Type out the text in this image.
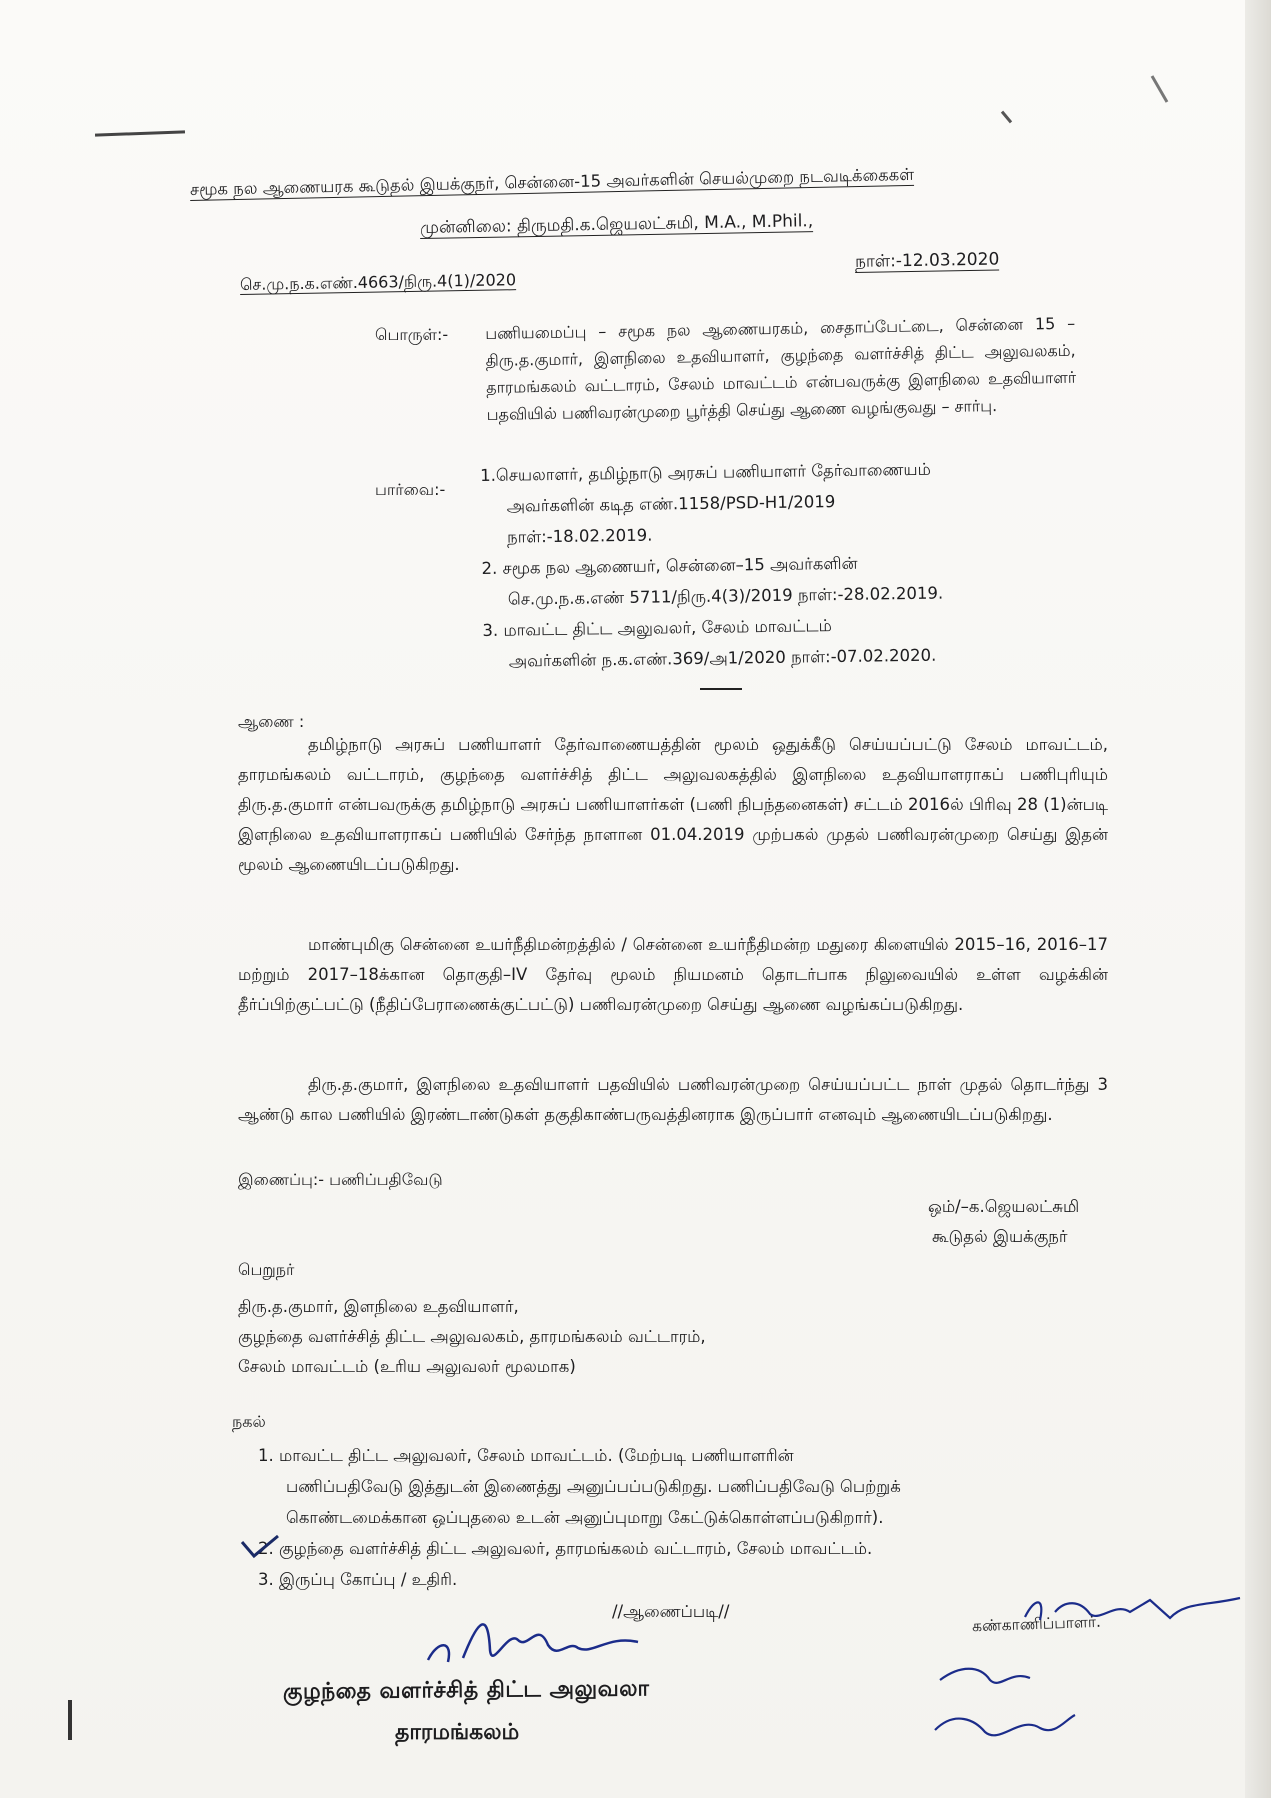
சமூக நல ஆணையரக கூடுதல் இயக்குநர், சென்னை-15 அவர்களின் செயல்முறை நடவடிக்கைகள்
முன்னிலை: திருமதி.க.ஜெயலட்சுமி, M.A., M.Phil.,
செ.மு.ந.க.எண்.4663/நிரு.4(1)/2020
நாள்:-12.03.2020
பொருள்:- பணியமைப்பு – சமூக நல ஆணையரகம், சைதாப்பேட்டை, சென்னை 15 – திரு.த.குமார், இளநிலை உதவியாளர், குழந்தை வளர்ச்சித் திட்ட அலுவலகம், தாரமங்கலம் வட்டாரம், சேலம் மாவட்டம் என்பவருக்கு இளநிலை உதவியாளர் பதவியில் பணிவரன்முறை பூர்த்தி செய்து ஆணை வழங்குவது – சார்பு.
பார்வை:-
1.செயலாளர், தமிழ்நாடு அரசுப் பணியாளர் தேர்வாணையம்
அவர்களின் கடித எண்.1158/PSD-H1/2019
நாள்:-18.02.2019.
2. சமூக நல ஆணையர், சென்னை–15 அவர்களின்
செ.மு.ந.க.எண் 5711/நிரு.4(3)/2019 நாள்:-28.02.2019.
3. மாவட்ட திட்ட அலுவலர், சேலம் மாவட்டம்
அவர்களின் ந.க.எண்.369/அ1/2020 நாள்:-07.02.2020.
ஆணை :
தமிழ்நாடு அரசுப் பணியாளர் தேர்வாணையத்தின் மூலம் ஒதுக்கீடு செய்யப்பட்டு சேலம் மாவட்டம், தாரமங்கலம் வட்டாரம், குழந்தை வளர்ச்சித் திட்ட அலுவலகத்தில் இளநிலை உதவியாளராகப் பணிபுரியும் திரு.த.குமார் என்பவருக்கு தமிழ்நாடு அரசுப் பணியாளர்கள் (பணி நிபந்தனைகள்) சட்டம் 2016ல் பிரிவு 28 (1)ன்படி இளநிலை உதவியாளராகப் பணியில் சேர்ந்த நாளான 01.04.2019 முற்பகல் முதல் பணிவரன்முறை செய்து இதன் மூலம் ஆணையிடப்படுகிறது.
மாண்புமிகு சென்னை உயர்நீதிமன்றத்தில் / சென்னை உயர்நீதிமன்ற மதுரை கிளையில் 2015–16, 2016–17 மற்றும் 2017–18க்கான தொகுதி–IV தேர்வு மூலம் நியமனம் தொடர்பாக நிலுவையில் உள்ள வழக்கின் தீர்ப்பிற்குட்பட்டு (நீதிப்பேராணைக்குட்பட்டு) பணிவரன்முறை செய்து ஆணை வழங்கப்படுகிறது.
திரு.த.குமார், இளநிலை உதவியாளர் பதவியில் பணிவரன்முறை செய்யப்பட்ட நாள் முதல் தொடர்ந்து 3 ஆண்டு கால பணியில் இரண்டாண்டுகள் தகுதிகாண்பருவத்தினராக இருப்பார் எனவும் ஆணையிடப்படுகிறது.
இணைப்பு:- பணிப்பதிவேடு
ஒம்/–க.ஜெயலட்சுமி
கூடுதல் இயக்குநர்
பெறுநர்
திரு.த.குமார், இளநிலை உதவியாளர்,
குழந்தை வளர்ச்சித் திட்ட அலுவலகம், தாரமங்கலம் வட்டாரம்,
சேலம் மாவட்டம் (உரிய அலுவலர் மூலமாக)
நகல்
1. மாவட்ட திட்ட அலுவலர், சேலம் மாவட்டம். (மேற்படி பணியாளரின்
பணிப்பதிவேடு இத்துடன் இணைத்து அனுப்பப்படுகிறது. பணிப்பதிவேடு பெற்றுக்
கொண்டமைக்கான ஒப்புதலை உடன் அனுப்புமாறு கேட்டுக்கொள்ளப்படுகிறார்).
2. குழந்தை வளர்ச்சித் திட்ட அலுவலர், தாரமங்கலம் வட்டாரம், சேலம் மாவட்டம்.
3. இருப்பு கோப்பு / உதிரி.
//ஆணைப்படி//
கண்காணிப்பாளர்.
குழந்தை வளர்ச்சித் திட்ட அலுவலா
தாரமங்கலம்
